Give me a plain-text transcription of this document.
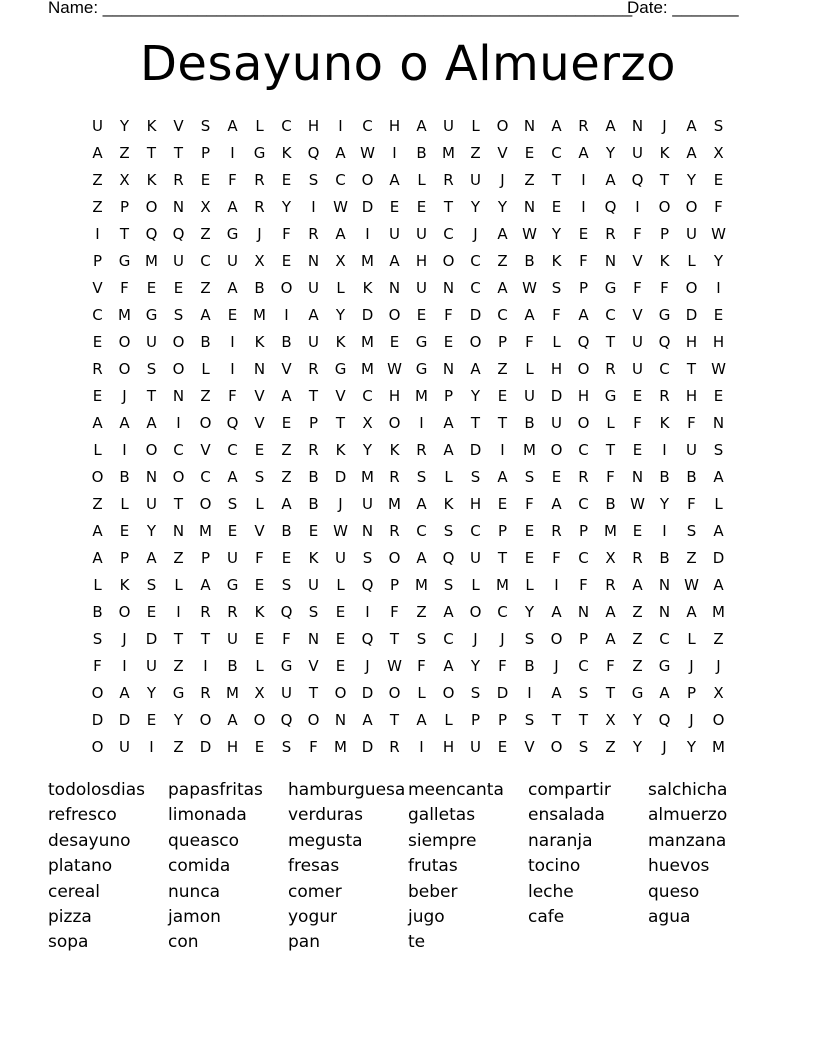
Name: ________________________________________________________
Date: _______
Desayuno o Almuerzo
U	Y	K	V	S	A	L	C	H	I	C	H	A	U	L	O	N	A	R	A	N	J	A	S
A	Z	T	T	P	I	G	K	Q	A W	I	B	M	Z	V	E	C	A	Y	U	K	A	X
Z	X	K	R	E	F	R	E	S	C	O	A	L	R	U	J	Z	T	I	A	Q	T	Y	E
Z	P	O	N	X	A	R	Y	I	W D	E	E	T	Y	Y	N	E	I	Q	I	O	O	F
I	T	Q	Q	Z	G	J	F	R	A	I	U	U	C	J	A W Y	E	R	F	P	U W
P	G M	U	C	U	X	E	N	X	M	A	H	O	C	Z	B	K	F	N	V	K	L	Y
V	F	E	E	Z	A	B	O	U	L	K	N	U	N	C	A W S	P	G	F	F	O	I
C	M G	S	A	E	M	I	A	Y	D	O	E	F	D	C	A	F	A	C	V	G	D	E
E	O	U	O	B	I	K	B	U	K	M	E	G	E	O	P	F	L	Q	T	U	Q	H	H
R	O	S	O	L	I	N	V	R	G M W G	N	A	Z	L	H	O	R	U	C	T	W
E	J	T	N	Z	F	V	A	T	V	C	H M	P	Y	E	U	D	H	G	E	R	H	E
A	A	A	I	O	Q	V	E	P	T	X	O	I	A	T	T	B	U	O	L	F	K	F	N
L	I	O	C	V	C	E	Z	R	K	Y	K	R	A	D	I	M O	C	T	E	I	U	S
O	B	N	O	C	A	S	Z	B	D M	R	S	L	S	A	S	E	R	F	N	B	B	A
Z	L	U	T	O	S	L	A	B	J	U	M	A	K	H	E	F	A	C	B W Y	F	L
A	E	Y	N M	E	V	B	E W N	R	C	S	C	P	E	R	P	M	E	I	S	A
A	P	A	Z	P	U	F	E	K	U	S	O	A	Q	U	T	E	F	C	X	R	B	Z	D
L	K	S	L	A	G	E	S	U	L	Q	P	M	S	L	M	L	I	F	R	A	N W A
B	O	E	I	R	R	K	Q	S	E	I	F	Z	A	O	C	Y	A	N	A	Z	N	A	M
S	J	D	T	T	U	E	F	N	E	Q	T	S	C	J	J	S	O	P	A	Z	C	L	Z
F	I	U	Z	I	B	L	G	V	E	J	W	F	A	Y	F	B	J	C	F	Z	G	J	J
O	A	Y	G	R	M	X	U	T	O	D	O	L	O	S	D	I	A	S	T	G	A	P	X
D	D	E	Y	O	A	O	Q	O	N	A	T	A	L	P	P	S	T	T	X	Y	Q	J	O
O	U	I	Z	D	H	E	S	F	M D	R	I	H	U	E	V	O	S	Z	Y	J	Y	M
todolosdias	papasfritas	hamburguesa meencanta	compartir	salchicha
refresco	limonada	verduras	galletas	ensalada	almuerzo
desayuno	queasco	megusta	siempre	naranja	manzana
platano	comida	fresas	frutas	tocino	huevos
cereal	nunca	comer	beber	leche	queso
pizza	jamon	yogur	jugo	cafe	agua
sopa	con	pan	te
